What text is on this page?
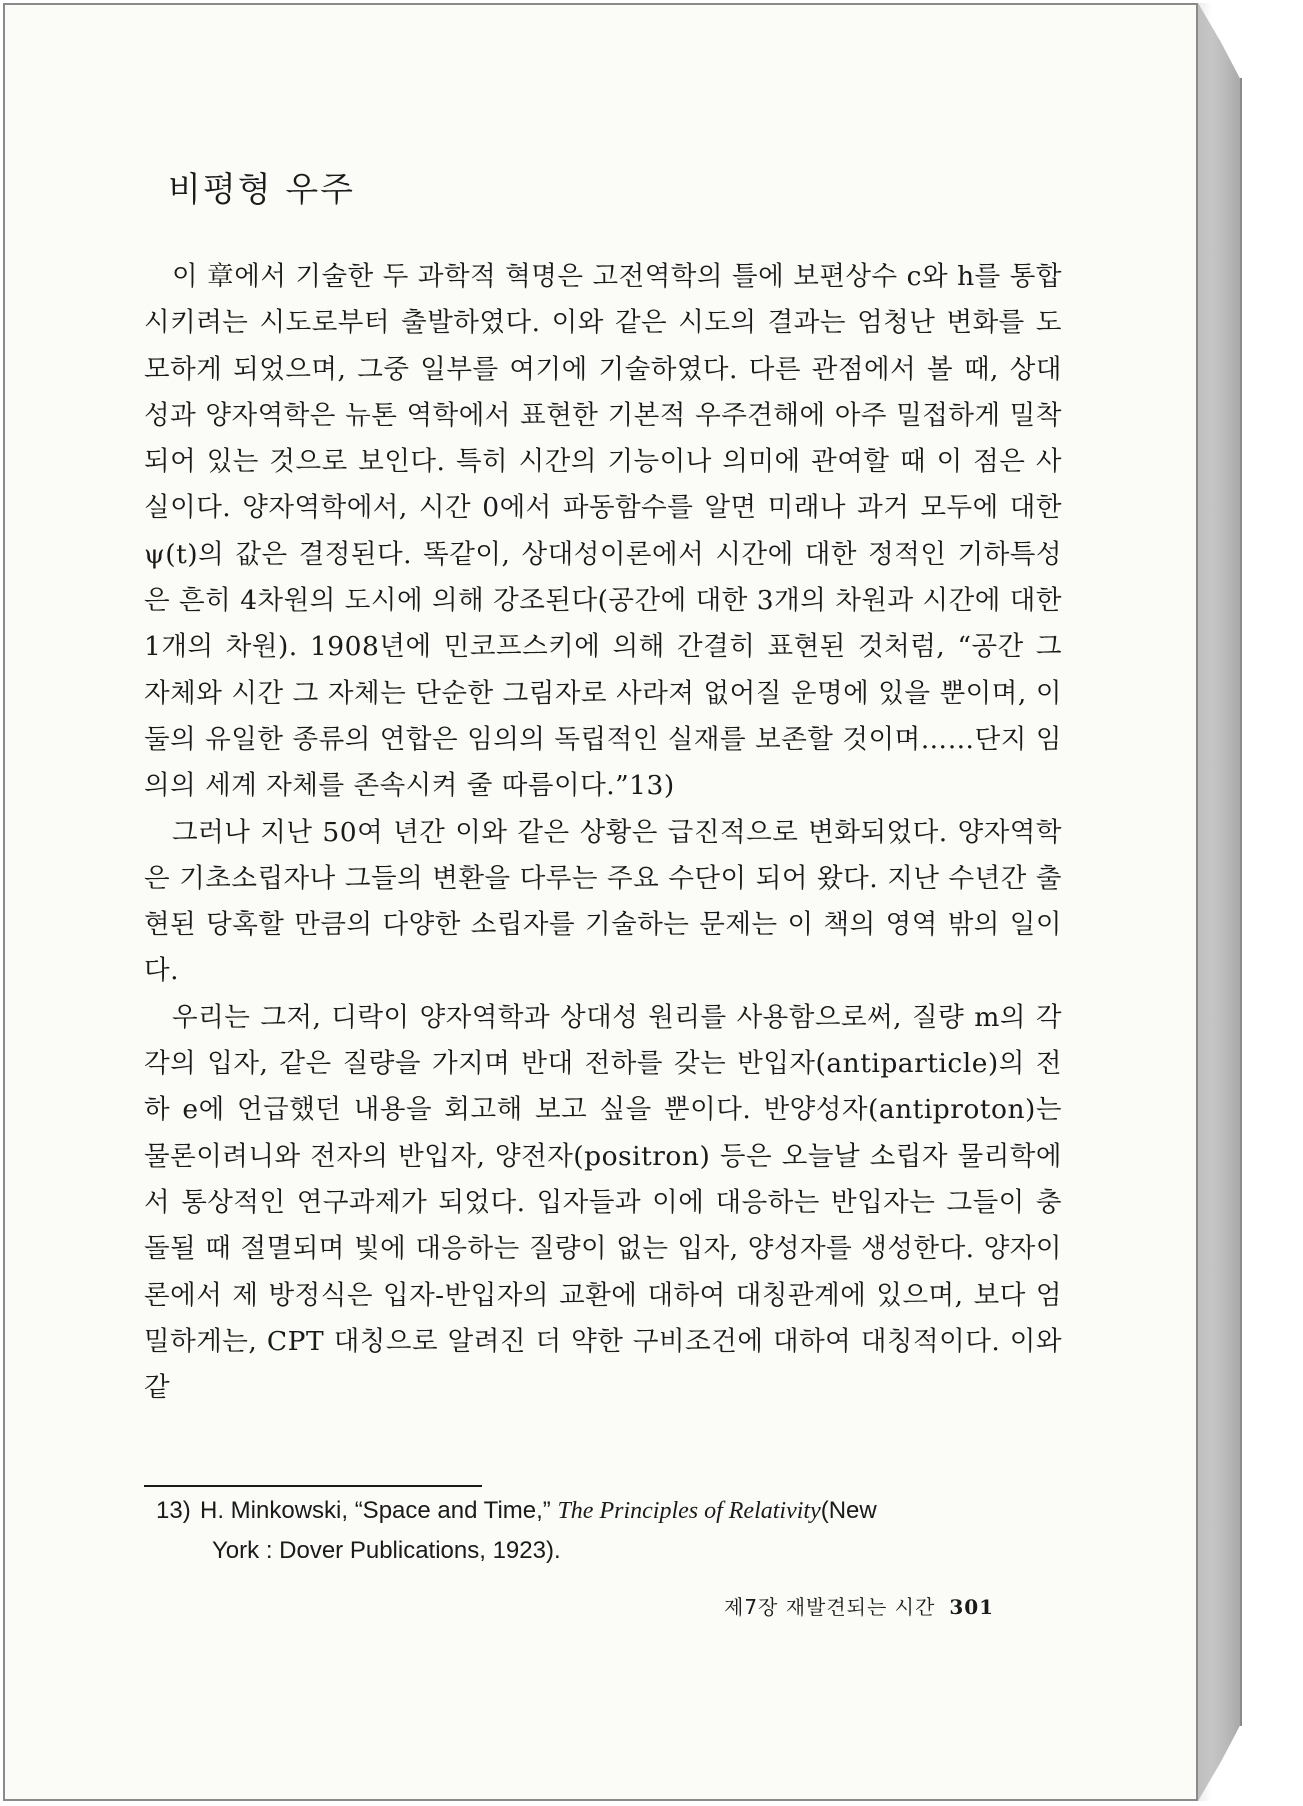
비평형 우주

이 章에서 기술한 두 과학적 혁명은 고전역학의 틀에 보편상수 c와 h를 통합시키려는 시도로부터 출발하였다. 이와 같은 시도의 결과는 엄청난 변화를 도모하게 되었으며, 그중 일부를 여기에 기술하였다. 다른 관점에서 볼 때, 상대성과 양자역학은 뉴톤 역학에서 표현한 기본적 우주견해에 아주 밀접하게 밀착되어 있는 것으로 보인다. 특히 시간의 기능이나 의미에 관여할 때 이 점은 사실이다. 양자역학에서, 시간 0에서 파동함수를 알면 미래나 과거 모두에 대한 ψ(t)의 값은 결정된다. 똑같이, 상대성이론에서 시간에 대한 정적인 기하특성은 흔히 4차원의 도시에 의해 강조된다(공간에 대한 3개의 차원과 시간에 대한 1개의 차원). 1908년에 민코프스키에 의해 간결히 표현된 것처럼, “공간 그 자체와 시간 그 자체는 단순한 그림자로 사라져 없어질 운명에 있을 뿐이며, 이 둘의 유일한 종류의 연합은 임의의 독립적인 실재를 보존할 것이며……단지 임의의 세계 자체를 존속시켜 줄 따름이다.”13)

그러나 지난 50여 년간 이와 같은 상황은 급진적으로 변화되었다. 양자역학은 기초소립자나 그들의 변환을 다루는 주요 수단이 되어 왔다. 지난 수년간 출현된 당혹할 만큼의 다양한 소립자를 기술하는 문제는 이 책의 영역 밖의 일이다.

우리는 그저, 디락이 양자역학과 상대성 원리를 사용함으로써, 질량 m의 각각의 입자, 같은 질량을 가지며 반대 전하를 갖는 반입자(antiparticle)의 전하 e에 언급했던 내용을 회고해 보고 싶을 뿐이다. 반양성자(antiproton)는 물론이려니와 전자의 반입자, 양전자(positron) 등은 오늘날 소립자 물리학에서 통상적인 연구과제가 되었다. 입자들과 이에 대응하는 반입자는 그들이 충돌될 때 절멸되며 빛에 대응하는 질량이 없는 입자, 양성자를 생성한다. 양자이론에서 제 방정식은 입자-반입자의 교환에 대하여 대칭관계에 있으며, 보다 엄밀하게는, CPT 대칭으로 알려진 더 약한 구비조건에 대하여 대칭적이다. 이와 같

13) H. Minkowski, “Space and Time,” The Principles of Relativity(New
York : Dover Publications, 1923).
제7장 재발견되는 시간 301
